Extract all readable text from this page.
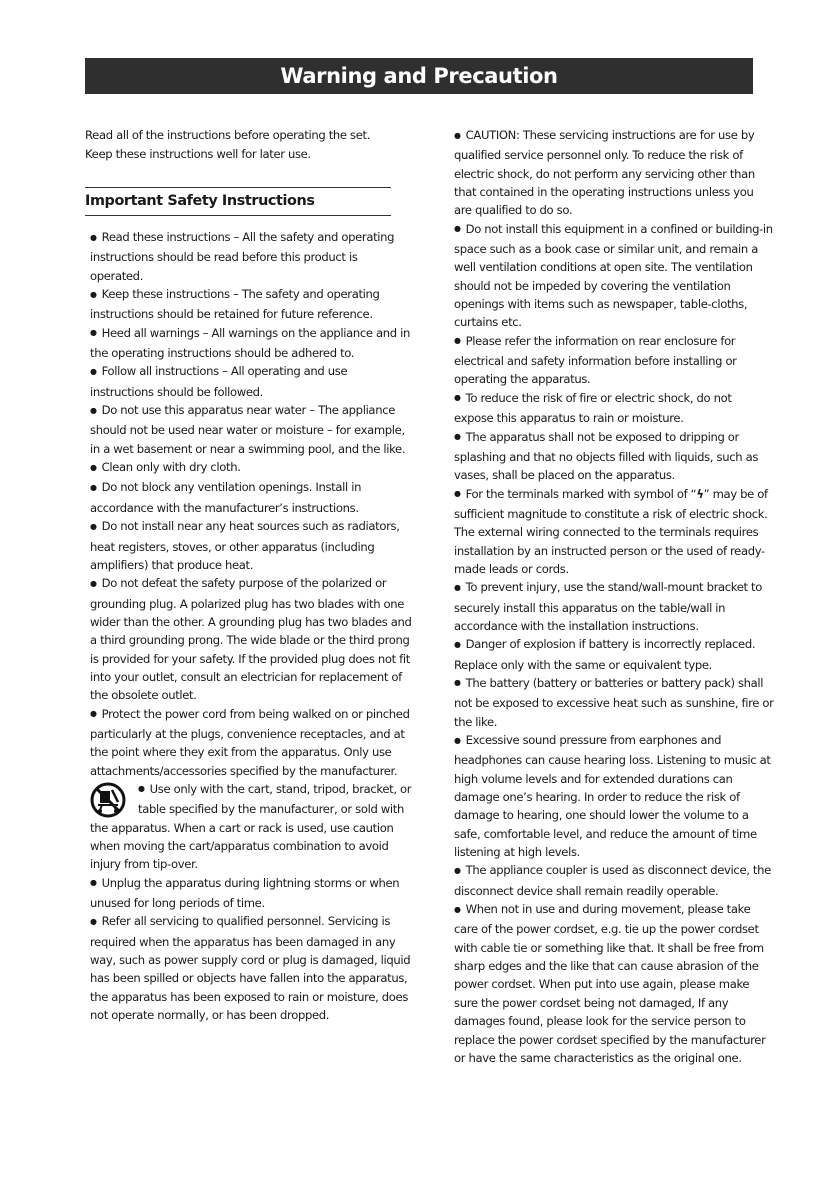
Warning and Precaution

Read all of the instructions before operating the set.

Keep these instructions well for later use.

Important Safety Instructions

● Read these instructions – All the safety and operating instructions should be read before this product is operated.

● Keep these instructions – The safety and operating instructions should be retained for future reference.

● Heed all warnings – All warnings on the appliance and in the operating instructions should be adhered to.

● Follow all instructions – All operating and use instructions should be followed.

● Do not use this apparatus near water – The appliance should not be used near water or moisture – for example, in a wet basement or near a swimming pool, and the like.

● Clean only with dry cloth.

● Do not block any ventilation openings. Install in accordance with the manufacturer’s instructions.

● Do not install near any heat sources such as radiators, heat registers, stoves, or other apparatus (including amplifiers) that produce heat.

● Do not defeat the safety purpose of the polarized or grounding plug. A polarized plug has two blades with one wider than the other. A grounding plug has two blades and a third grounding prong. The wide blade or the third prong is provided for your safety. If the provided plug does not fit into your outlet, consult an electrician for replacement of the obsolete outlet.

● Protect the power cord from being walked on or pinched particularly at the plugs, convenience receptacles, and at the point where they exit from the apparatus. Only use attachments/accessories specified by the manufacturer.

● Use only with the cart, stand, tripod, bracket, or table specified by the manufacturer, or sold with the apparatus. When a cart or rack is used, use caution when moving the cart/apparatus combination to avoid injury from tip-over.

● Unplug the apparatus during lightning storms or when unused for long periods of time.

● Refer all servicing to qualified personnel. Servicing is required when the apparatus has been damaged in any way, such as power supply cord or plug is damaged, liquid has been spilled or objects have fallen into the apparatus, the apparatus has been exposed to rain or moisture, does not operate normally, or has been dropped.

● CAUTION: These servicing instructions are for use by qualified service personnel only. To reduce the risk of electric shock, do not perform any servicing other than that contained in the operating instructions unless you are qualified to do so.

● Do not install this equipment in a confined or building-in space such as a book case or similar unit, and remain a well ventilation conditions at open site. The ventilation should not be impeded by covering the ventilation openings with items such as newspaper, table-cloths, curtains etc.

● Please refer the information on rear enclosure for electrical and safety information before installing or operating the apparatus.

● To reduce the risk of fire or electric shock, do not expose this apparatus to rain or moisture.

● The apparatus shall not be exposed to dripping or splashing and that no objects filled with liquids, such as vases, shall be placed on the apparatus.

● For the terminals marked with symbol of “ϟ” may be of sufficient magnitude to constitute a risk of electric shock. The external wiring connected to the terminals requires installation by an instructed person or the used of ready-made leads or cords.

● To prevent injury, use the stand/wall-mount bracket to securely install this apparatus on the table/wall in accordance with the installation instructions.

● Danger of explosion if battery is incorrectly replaced. Replace only with the same or equivalent type.

● The battery (battery or batteries or battery pack) shall not be exposed to excessive heat such as sunshine, fire or the like.

● Excessive sound pressure from earphones and headphones can cause hearing loss. Listening to music at high volume levels and for extended durations can damage one’s hearing. In order to reduce the risk of damage to hearing, one should lower the volume to a safe, comfortable level, and reduce the amount of time listening at high levels.

● The appliance coupler is used as disconnect device, the disconnect device shall remain readily operable.

● When not in use and during movement, please take care of the power cordset, e.g. tie up the power cordset with cable tie or something like that. It shall be free from sharp edges and the like that can cause abrasion of the power cordset. When put into use again, please make sure the power cordset being not damaged, If any damages found, please look for the service person to replace the power cordset specified by the manufacturer or have the same characteristics as the original one.
